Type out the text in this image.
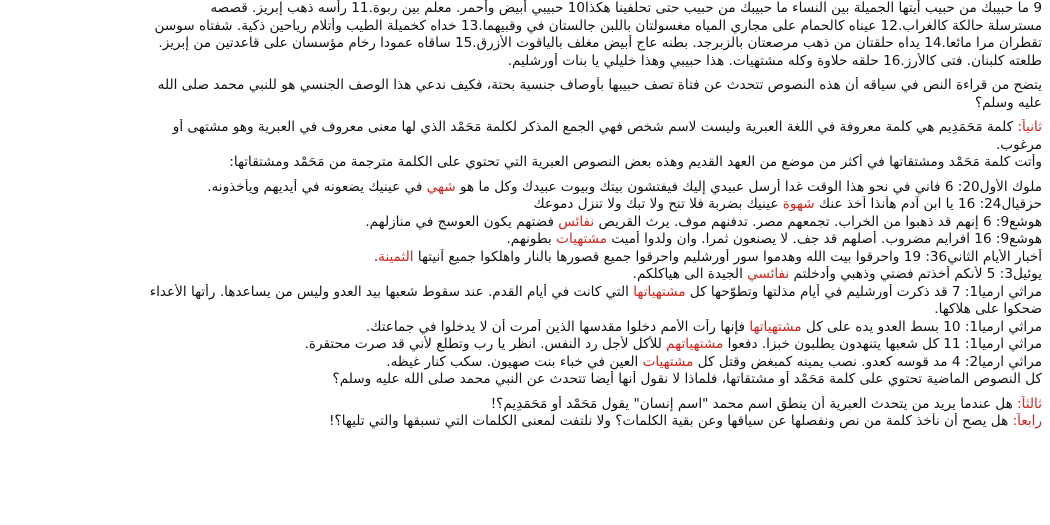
9 ما حبيبك من حبيب أيتها الجميلة بين النساء ما حبيبك من حبيب حتى تحلفينا هكذا10 حبيبي أبيض وأحمر. معلم بين ربوة.11 رأسه ذهب إبريز. قصصه
مسترسلة حالكة كالغراب.12 عيناه كالحمام على مجاري المياه مغسولتان باللبن جالستان في وقبيهما.13 خداه كخميلة الطيب وأتلام رياحين ذكية. شفتاه سوسن
تقطران مرا مائعا.14 يداه حلقتان من ذهب مرصعتان بالزبرجد. بطنه عاج أبيض مغلف بالياقوت الأزرق.15 ساقاه عمودا رخام مؤسسان على قاعدتين من إبريز.
طلعته كلبنان. فتى كالأرز.16 حلقه حلاوة وكله مشتهيات. هذا حبيبي وهذا خليلي يا بنات أورشليم.
يتضح من قراءة النص في سياقه أن هذه النصوص تتحدث عن فتاة تصف حبيبها بأوصاف جنسية بحتة، فكيف ندعي هذا الوصف الجنسي هو للنبي محمد صلى الله
عليه وسلم؟
ثانياً: كلمة مَحَمَدِيم هي كلمة معروفة في اللغة العبرية وليست لاسم شخص فهي الجمع المذكر لكلمة مَحَمْد الذي لها معنى معروف في العبرية وهو مشتهى أو
مرغوب.
وأتت كلمة مَحَمْد ومشتقاتها في أكثر من موضع من العهد القديم وهذه بعض النصوص العبرية التي تحتوي على الكلمة مترجمة من مَحَمْد ومشتقاتها:
ملوك الأول20: 6 فاني في نحو هذا الوقت غدا أرسل عبيدي إليك فيفتشون بيتك وبيوت عبيدك وكل ما هو شهي في عينيك يضعونه في أيديهم ويأخذونه.
حزقيال24: 16 يا ابن آدم هأنذا آخذ عنك شهوة عينيك بضربة فلا تنح ولا تبك ولا تنزل دموعك
هوشع9: 6 إنهم قد ذهبوا من الخراب. تجمعهم مصر. تدفنهم موف. يرث القريص نفائس فضتهم يكون العوسج في منازلهم.
هوشع9: 16 افرايم مضروب. أصلهم قد جف. لا يصنعون ثمرا. وان ولدوا أميت مشتهيات بطونهم.
أخبار الأيام الثاني36: 19 واحرقوا بيت الله وهدموا سور أورشليم واحرقوا جميع قصورها بالنار واهلكوا جميع آنيتها الثمينة.
يوئيل3: 5 لأنكم أخذتم فضتي وذهبي وأدخلتم نفائسي الجيدة الى هياكلكم.
مراثي ارميا1: 7 قد ذكرت أورشليم في أيام مذلتها وتطوّحها كل مشتهياتها التي كانت في أيام القدم. عند سقوط شعبها بيد العدو وليس من يساعدها. رأتها الأعداء
ضحكوا على هلاكها.
مراثي ارميا1: 10 بسط العدو يده على كل مشتهياتها فإنها رأت الأمم دخلوا مقدسها الذين أمرت أن لا يدخلوا في جماعتك.
مراثي ارميا1: 11 كل شعبها يتنهدون يطلبون خبزا. دفعوا مشتهياتهم للأكل لأجل رد النفس. انظر يا رب وتطلع لأني قد صرت محتقرة.
مراثي ارميا2: 4 مد قوسه كعدو. نصب يمينه كمبغض وقتل كل مشتهيات العين في خباء بنت صهيون. سكب كنار غيظه.
كل النصوص الماضية تحتوي على كلمة مَحَمْد أو مشتقاتها، فلماذا لا نقول أنها أيضا تتحدث عن النبي محمد صلى الله عليه وسلم؟
ثالثاً: هل عندما يريد من يتحدث العبرية أن ينطق اسم محمد "اسم إنسان" يقول مَحَمْد أو مَحَمَدِيم؟!
رابعاً: هل يصح أن نأخذ كلمة من نص ونفصلها عن سياقها وعن بقية الكلمات؟ ولا نلتفت لمعنى الكلمات التي تسبقها والتي تليها؟!
